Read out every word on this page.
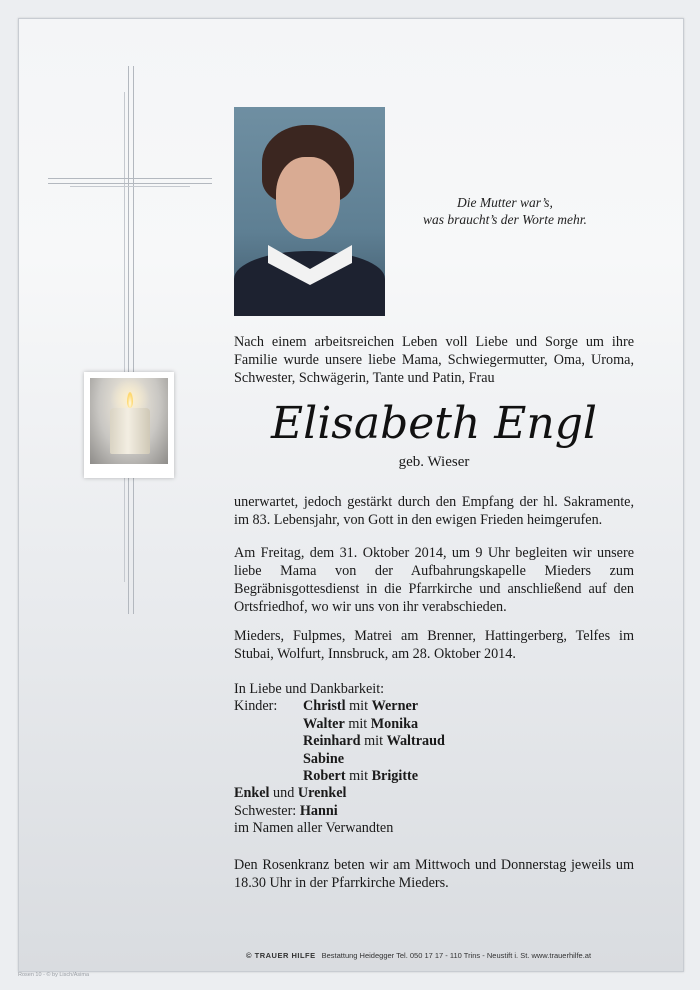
Die Mutter war’s,
was braucht’s der Worte mehr.

Nach einem arbeitsreichen Leben voll Liebe und Sorge um ihre Familie wurde unsere liebe Mama, Schwiegermutter, Oma, Uroma, Schwester, Schwägerin, Tante und Patin, Frau

Elisabeth Engl
geb. Wieser

unerwartet, jedoch gestärkt durch den Empfang der hl. Sakramente, im 83. Lebensjahr, von Gott in den ewigen Frieden heimgerufen.

Am Freitag, dem 31. Oktober 2014, um 9 Uhr begleiten wir unsere liebe Mama von der Aufbahrungskapelle Mieders zum Begräbnisgottesdienst in die Pfarrkirche und anschließend auf den Ortsfriedhof, wo wir uns von ihr verabschieden.

Mieders, Fulpmes, Matrei am Brenner, Hattingerberg, Telfes im Stubai, Wolfurt, Innsbruck, am 28. Oktober 2014.

In Liebe und Dankbarkeit:
Kinder: Christl mit Werner
Walter mit Monika
Reinhard mit Waltraud
Sabine
Robert mit Brigitte
Enkel und Urenkel
Schwester: Hanni
im Namen aller Verwandten

Den Rosenkranz beten wir am Mittwoch und Donnerstag jeweils um 18.30 Uhr in der Pfarrkirche Mieders.

© TRAUER HILFE Bestattung Heidegger Tel. 050 17 17 - 110 Trins - Neustift i. St. www.trauerhilfe.at
Rosen 10 - © by Lisch/Asima
